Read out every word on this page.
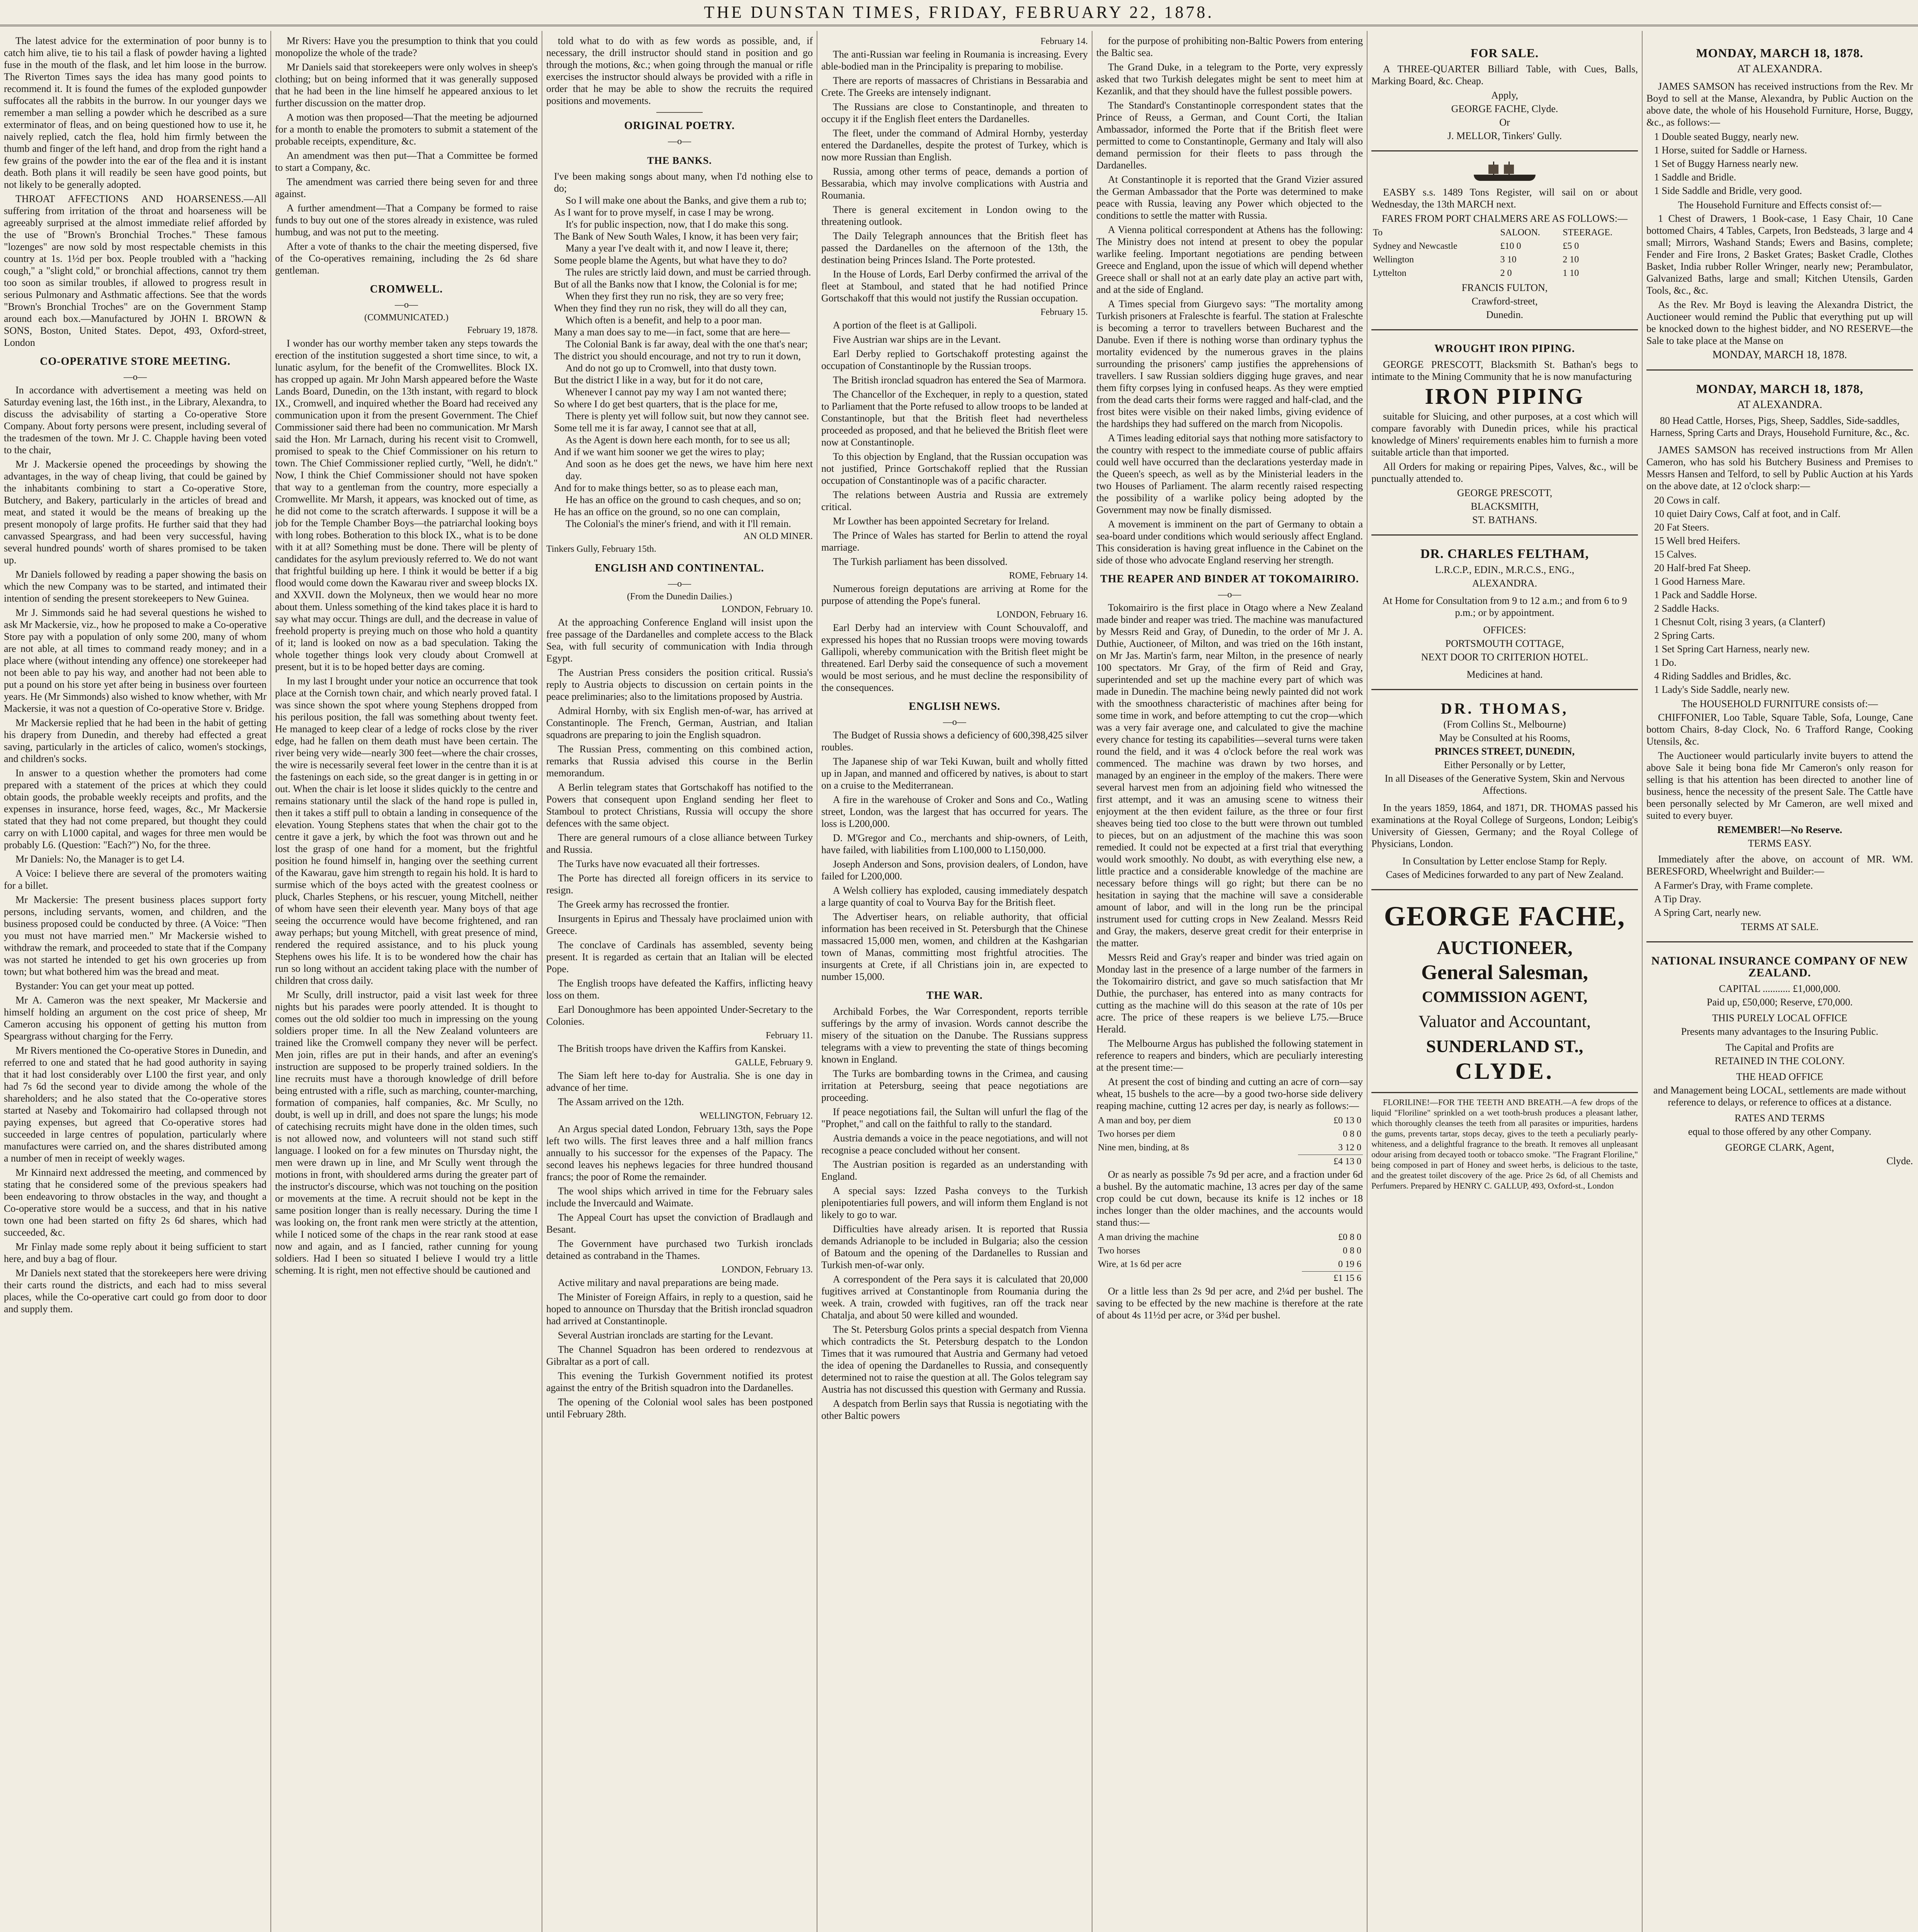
THE DUNSTAN TIMES, FRIDAY, FEBRUARY 22, 1878.

The latest advice for the extermination of poor bunny is to catch him alive, tie to his tail a flask of powder having a lighted fuse in the mouth of the flask, and let him loose in the burrow. The Riverton Times says the idea has many good points to recommend it. It is found the fumes of the exploded gunpowder suffocates all the rabbits in the burrow. In our younger days we remember a man selling a powder which he described as a sure exterminator of fleas, and on being questioned how to use it, he naively replied, catch the flea, hold him firmly between the thumb and finger of the left hand, and drop from the right hand a few grains of the powder into the ear of the flea and it is instant death. Both plans it will readily be seen have good points, but not likely to be generally adopted.

THROAT AFFECTIONS AND HOARSENESS.—All suffering from irritation of the throat and hoarseness will be agreeably surprised at the almost immediate relief afforded by the use of "Brown's Bronchial Troches." These famous "lozenges" are now sold by most respectable chemists in this country at 1s. 1½d per box. People troubled with a "hacking cough," a "slight cold," or bronchial affections, cannot try them too soon as similar troubles, if allowed to progress result in serious Pulmonary and Asthmatic affections. See that the words "Brown's Bronchial Troches" are on the Government Stamp around each box.—Manufactured by JOHN I. BROWN & SONS, Boston, United States. Depot, 493, Oxford-street, London

CO-OPERATIVE STORE MEETING.
—o—

In accordance with advertisement a meeting was held on Saturday evening last, the 16th inst., in the Library, Alexandra, to discuss the advisability of starting a Co-operative Store Company. About forty persons were present, including several of the tradesmen of the town. Mr J. C. Chapple having been voted to the chair,

Mr J. Mackersie opened the proceedings by showing the advantages, in the way of cheap living, that could be gained by the inhabitants combining to start a Co-operative Store, Butchery, and Bakery, particularly in the articles of bread and meat, and stated it would be the means of breaking up the present monopoly of large profits. He further said that they had canvassed Speargrass, and had been very successful, having several hundred pounds' worth of shares promised to be taken up.

Mr Daniels followed by reading a paper showing the basis on which the new Company was to be started, and intimated their intention of sending the present storekeepers to New Guinea.

Mr J. Simmonds said he had several questions he wished to ask Mr Mackersie, viz., how he proposed to make a Co-operative Store pay with a population of only some 200, many of whom are not able, at all times to command ready money; and in a place where (without intending any offence) one storekeeper had not been able to pay his way, and another had not been able to put a pound on his store yet after being in business over fourteen years. He (Mr Simmonds) also wished to know whether, with Mr Mackersie, it was not a question of Co-operative Store v. Bridge.

Mr Mackersie replied that he had been in the habit of getting his drapery from Dunedin, and thereby had effected a great saving, particularly in the articles of calico, women's stockings, and children's socks.

In answer to a question whether the promoters had come prepared with a statement of the prices at which they could obtain goods, the probable weekly receipts and profits, and the expenses in insurance, horse feed, wages, &c., Mr Mackersie stated that they had not come prepared, but thought they could carry on with L1000 capital, and wages for three men would be probably L6. (Question: "Each?") No, for the three.

Mr Daniels: No, the Manager is to get L4.

A Voice: I believe there are several of the promoters waiting for a billet.

Mr Mackersie: The present business places support forty persons, including servants, women, and children, and the business proposed could be conducted by three. (A Voice: "Then you must not have married men." Mr Mackersie wished to withdraw the remark, and proceeded to state that if the Company was not started he intended to get his own groceries up from town; but what bothered him was the bread and meat.

Bystander: You can get your meat up potted.

Mr A. Cameron was the next speaker, Mr Mackersie and himself holding an argument on the cost price of sheep, Mr Cameron accusing his opponent of getting his mutton from Speargrass without charging for the Ferry.

Mr Rivers mentioned the Co-operative Stores in Dunedin, and referred to one and stated that he had good authority in saying that it had lost considerably over L100 the first year, and only had 7s 6d the second year to divide among the whole of the shareholders; and he also stated that the Co-operative stores started at Naseby and Tokomairiro had collapsed through not paying expenses, but agreed that Co-operative stores had succeeded in large centres of population, particularly where manufactures were carried on, and the shares distributed among a number of men in receipt of weekly wages.

Mr Kinnaird next addressed the meeting, and commenced by stating that he considered some of the previous speakers had been endeavoring to throw obstacles in the way, and thought a Co-operative store would be a success, and that in his native town one had been started on fifty 2s 6d shares, which had succeeded, &c.

Mr Finlay made some reply about it being sufficient to start here, and buy a bag of flour.

Mr Daniels next stated that the storekeepers here were driving their carts round the districts, and each had to miss several places, while the Co-operative cart could go from door to door and supply them.

Mr Rivers: Have you the presumption to think that you could monopolize the whole of the trade?

Mr Daniels said that storekeepers were only wolves in sheep's clothing; but on being informed that it was generally supposed that he had been in the line himself he appeared anxious to let further discussion on the matter drop.

A motion was then proposed—That the meeting be adjourned for a month to enable the promoters to submit a statement of the probable receipts, expenditure, &c.

An amendment was then put—That a Committee be formed to start a Company, &c.

The amendment was carried there being seven for and three against.

A further amendment—That a Company be formed to raise funds to buy out one of the stores already in existence, was ruled humbug, and was not put to the meeting.

After a vote of thanks to the chair the meeting dispersed, five of the Co-operatives remaining, including the 2s 6d share gentleman.

CROMWELL.
—o—
(COMMUNICATED.)
February 19, 1878.

I wonder has our worthy member taken any steps towards the erection of the institution suggested a short time since, to wit, a lunatic asylum, for the benefit of the Cromwellites. Block IX. has cropped up again. Mr John Marsh appeared before the Waste Lands Board, Dunedin, on the 13th instant, with regard to block IX., Cromwell, and inquired whether the Board had received any communication upon it from the present Government. The Chief Commissioner said there had been no communication. Mr Marsh said the Hon. Mr Larnach, during his recent visit to Cromwell, promised to speak to the Chief Commissioner on his return to town. The Chief Commissioner replied curtly, "Well, he didn't." Now, I think the Chief Commissioner should not have spoken that way to a gentleman from the country, more especially a Cromwellite. Mr Marsh, it appears, was knocked out of time, as he did not come to the scratch afterwards. I suppose it will be a job for the Temple Chamber Boys—the patriarchal looking boys with long robes. Botheration to this block IX., what is to be done with it at all? Something must be done. There will be plenty of candidates for the asylum previously referred to. We do not want that frightful building up here. I think it would be better if a big flood would come down the Kawarau river and sweep blocks IX. and XXVII. down the Molyneux, then we would hear no more about them. Unless something of the kind takes place it is hard to say what may occur. Things are dull, and the decrease in value of freehold property is preying much on those who hold a quantity of it; land is looked on now as a bad speculation. Taking the whole together things look very cloudy about Cromwell at present, but it is to be hoped better days are coming.

In my last I brought under your notice an occurrence that took place at the Cornish town chair, and which nearly proved fatal. I was since shown the spot where young Stephens dropped from his perilous position, the fall was something about twenty feet. He managed to keep clear of a ledge of rocks close by the river edge, had he fallen on them death must have been certain. The river being very wide—nearly 300 feet—where the chair crosses, the wire is necessarily several feet lower in the centre than it is at the fastenings on each side, so the great danger is in getting in or out. When the chair is let loose it slides quickly to the centre and remains stationary until the slack of the hand rope is pulled in, then it takes a stiff pull to obtain a landing in consequence of the elevation. Young Stephens states that when the chair got to the centre it gave a jerk, by which the foot was thrown out and he lost the grasp of one hand for a moment, but the frightful position he found himself in, hanging over the seething current of the Kawarau, gave him strength to regain his hold. It is hard to surmise which of the boys acted with the greatest coolness or pluck, Charles Stephens, or his rescuer, young Mitchell, neither of whom have seen their eleventh year. Many boys of that age seeing the occurrence would have become frightened, and ran away perhaps; but young Mitchell, with great presence of mind, rendered the required assistance, and to his pluck young Stephens owes his life. It is to be wondered how the chair has run so long without an accident taking place with the number of children that cross daily.

Mr Scully, drill instructor, paid a visit last week for three nights but his parades were poorly attended. It is thought to comes out the old soldier too much in impressing on the young soldiers proper time. In all the New Zealand volunteers are trained like the Cromwell company they never will be perfect. Men join, rifles are put in their hands, and after an evening's instruction are supposed to be properly trained soldiers. In the line recruits must have a thorough knowledge of drill before being entrusted with a rifle, such as marching, counter-marching, formation of companies, half companies, &c. Mr Scully, no doubt, is well up in drill, and does not spare the lungs; his mode of catechising recruits might have done in the olden times, such is not allowed now, and volunteers will not stand such stiff language. I looked on for a few minutes on Thursday night, the men were drawn up in line, and Mr Scully went through the motions in front, with shouldered arms during the greater part of the instructor's discourse, which was not touching on the position or movements at the time. A recruit should not be kept in the same position longer than is really necessary. During the time I was looking on, the front rank men were strictly at the attention, while I noticed some of the chaps in the rear rank stood at ease now and again, and as I fancied, rather cunning for young soldiers. Had I been so situated I believe I would try a little scheming. It is right, men not effective should be cautioned and

told what to do with as few words as possible, and, if necessary, the drill instructor should stand in position and go through the motions, &c.; when going through the manual or rifle exercises the instructor should always be provided with a rifle in order that he may be able to show the recruits the required positions and movements.

ORIGINAL POETRY.
—o—
THE BANKS.
I've been making songs about many, when I'd nothing else to do;
So I will make one about the Banks, and give them a rub to;
As I want for to prove myself, in case I may be wrong.
It's for public inspection, now, that I do make this song.
The Bank of New South Wales, I know, it has been very fair;
Many a year I've dealt with it, and now I leave it, there;
Some people blame the Agents, but what have they to do?
The rules are strictly laid down, and must be carried through.
But of all the Banks now that I know, the Colonial is for me;
When they first they run no risk, they are so very free;
When they find they run no risk, they will do all they can,
Which often is a benefit, and help to a poor man.
Many a man does say to me—in fact, some that are here—
The Colonial Bank is far away, deal with the one that's near;
The district you should encourage, and not try to run it down,
And do not go up to Cromwell, into that dusty town.
But the district I like in a way, but for it do not care,
Whenever I cannot pay my way I am not wanted there;
So where I do get best quarters, that is the place for me,
There is plenty yet will follow suit, but now they cannot see.
Some tell me it is far away, I cannot see that at all,
As the Agent is down here each month, for to see us all;
And if we want him sooner we get the wires to play;
And soon as he does get the news, we have him here next day.
And for to make things better, so as to please each man,
He has an office on the ground to cash cheques, and so on;
He has an office on the ground, so no one can complain,
The Colonial's the miner's friend, and with it I'll remain.
AN OLD MINER.
Tinkers Gully, February 15th.
ENGLISH AND CONTINENTAL.
—o—
(From the Dunedin Dailies.)
LONDON, February 10.

At the approaching Conference England will insist upon the free passage of the Dardanelles and complete access to the Black Sea, with full security of communication with India through Egypt.

The Austrian Press considers the position critical. Russia's reply to Austria objects to discussion on certain points in the peace preliminaries; also to the limitations proposed by Austria.

Admiral Hornby, with six English men-of-war, has arrived at Constantinople. The French, German, Austrian, and Italian squadrons are preparing to join the English squadron.

The Russian Press, commenting on this combined action, remarks that Russia advised this course in the Berlin memorandum.

A Berlin telegram states that Gortschakoff has notified to the Powers that consequent upon England sending her fleet to Stamboul to protect Christians, Russia will occupy the shore defences with the same object.

There are general rumours of a close alliance between Turkey and Russia.

The Turks have now evacuated all their fortresses.

The Porte has directed all foreign officers in its service to resign.

The Greek army has recrossed the frontier.

Insurgents in Epirus and Thessaly have proclaimed union with Greece.

The conclave of Cardinals has assembled, seventy being present. It is regarded as certain that an Italian will be elected Pope.

The English troops have defeated the Kaffirs, inflicting heavy loss on them.

Earl Donoughmore has been appointed Under-Secretary to the Colonies.

February 11.

The British troops have driven the Kaffirs from Kanskei.

GALLE, February 9.

The Siam left here to-day for Australia. She is one day in advance of her time.

The Assam arrived on the 12th.

WELLINGTON, February 12.

An Argus special dated London, February 13th, says the Pope left two wills. The first leaves three and a half million francs annually to his successor for the expenses of the Papacy. The second leaves his nephews legacies for three hundred thousand francs; the poor of Rome the remainder.

The wool ships which arrived in time for the February sales include the Invercauld and Waimate.

The Appeal Court has upset the conviction of Bradlaugh and Besant.

The Government have purchased two Turkish ironclads detained as contraband in the Thames.

LONDON, February 13.

Active military and naval preparations are being made.

The Minister of Foreign Affairs, in reply to a question, said he hoped to announce on Thursday that the British ironclad squadron had arrived at Constantinople.

Several Austrian ironclads are starting for the Levant.

The Channel Squadron has been ordered to rendezvous at Gibraltar as a port of call.

This evening the Turkish Government notified its protest against the entry of the British squadron into the Dardanelles.

The opening of the Colonial wool sales has been postponed until February 28th.

February 14.

The anti-Russian war feeling in Roumania is increasing. Every able-bodied man in the Principality is preparing to mobilise.

There are reports of massacres of Christians in Bessarabia and Crete. The Greeks are intensely indignant.

The Russians are close to Constantinople, and threaten to occupy it if the English fleet enters the Dardanelles.

The fleet, under the command of Admiral Hornby, yesterday entered the Dardanelles, despite the protest of Turkey, which is now more Russian than English.

Russia, among other terms of peace, demands a portion of Bessarabia, which may involve complications with Austria and Roumania.

There is general excitement in London owing to the threatening outlook.

The Daily Telegraph announces that the British fleet has passed the Dardanelles on the afternoon of the 13th, the destination being Princes Island. The Porte protested.

In the House of Lords, Earl Derby confirmed the arrival of the fleet at Stamboul, and stated that he had notified Prince Gortschakoff that this would not justify the Russian occupation.

February 15.

A portion of the fleet is at Gallipoli.

Five Austrian war ships are in the Levant.

Earl Derby replied to Gortschakoff protesting against the occupation of Constantinople by the Russian troops.

The British ironclad squadron has entered the Sea of Marmora.

The Chancellor of the Exchequer, in reply to a question, stated to Parliament that the Porte refused to allow troops to be landed at Constantinople, but that the British fleet had nevertheless proceeded as proposed, and that he believed the British fleet were now at Constantinople.

To this objection by England, that the Russian occupation was not justified, Prince Gortschakoff replied that the Russian occupation of Constantinople was of a pacific character.

The relations between Austria and Russia are extremely critical.

Mr Lowther has been appointed Secretary for Ireland.

The Prince of Wales has started for Berlin to attend the royal marriage.

The Turkish parliament has been dissolved.

ROME, February 14.

Numerous foreign deputations are arriving at Rome for the purpose of attending the Pope's funeral.

LONDON, February 16.

Earl Derby had an interview with Count Schouvaloff, and expressed his hopes that no Russian troops were moving towards Gallipoli, whereby communication with the British fleet might be threatened. Earl Derby said the consequence of such a movement would be most serious, and he must decline the responsibility of the consequences.

ENGLISH NEWS.
—o—

The Budget of Russia shows a deficiency of 600,398,425 silver roubles.

The Japanese ship of war Teki Kuwan, built and wholly fitted up in Japan, and manned and officered by natives, is about to start on a cruise to the Mediterranean.

A fire in the warehouse of Croker and Sons and Co., Watling street, London, was the largest that has occurred for years. The loss is L200,000.

D. M'Gregor and Co., merchants and ship-owners, of Leith, have failed, with liabilities from L100,000 to L150,000.

Joseph Anderson and Sons, provision dealers, of London, have failed for L200,000.

A Welsh colliery has exploded, causing immediately despatch a large quantity of coal to Vourva Bay for the British fleet.

The Advertiser hears, on reliable authority, that official information has been received in St. Petersburgh that the Chinese massacred 15,000 men, women, and children at the Kashgarian town of Manas, committing most frightful atrocities. The insurgents at Crete, if all Christians join in, are expected to number 15,000.

THE WAR.

Archibald Forbes, the War Correspondent, reports terrible sufferings by the army of invasion. Words cannot describe the misery of the situation on the Danube. The Russians suppress telegrams with a view to preventing the state of things becoming known in England.

The Turks are bombarding towns in the Crimea, and causing irritation at Petersburg, seeing that peace negotiations are proceeding.

If peace negotiations fail, the Sultan will unfurl the flag of the "Prophet," and call on the faithful to rally to the standard.

Austria demands a voice in the peace negotiations, and will not recognise a peace concluded without her consent.

The Austrian position is regarded as an understanding with England.

A special says: Izzed Pasha conveys to the Turkish plenipotentiaries full powers, and will inform them England is not likely to go to war.

Difficulties have already arisen. It is reported that Russia demands Adrianople to be included in Bulgaria; also the cession of Batoum and the opening of the Dardanelles to Russian and Turkish men-of-war only.

A correspondent of the Pera says it is calculated that 20,000 fugitives arrived at Constantinople from Roumania during the week. A train, crowded with fugitives, ran off the track near Chatalja, and about 50 were killed and wounded.

The St. Petersburg Golos prints a special despatch from Vienna which contradicts the St. Petersburg despatch to the London Times that it was rumoured that Austria and Germany had vetoed the idea of opening the Dardanelles to Russia, and consequently determined not to raise the question at all. The Golos telegram say Austria has not discussed this question with Germany and Russia.

A despatch from Berlin says that Russia is negotiating with the other Baltic powers

for the purpose of prohibiting non-Baltic Powers from entering the Baltic sea.

The Grand Duke, in a telegram to the Porte, very expressly asked that two Turkish delegates might be sent to meet him at Kezanlik, and that they should have the fullest possible powers.

The Standard's Constantinople correspondent states that the Prince of Reuss, a German, and Count Corti, the Italian Ambassador, informed the Porte that if the British fleet were permitted to come to Constantinople, Germany and Italy will also demand permission for their fleets to pass through the Dardanelles.

At Constantinople it is reported that the Grand Vizier assured the German Ambassador that the Porte was determined to make peace with Russia, leaving any Power which objected to the conditions to settle the matter with Russia.

A Vienna political correspondent at Athens has the following: The Ministry does not intend at present to obey the popular warlike feeling. Important negotiations are pending between Greece and England, upon the issue of which will depend whether Greece shall or shall not at an early date play an active part with, and at the side of England.

A Times special from Giurgevo says: "The mortality among Turkish prisoners at Fraleschte is fearful. The station at Fraleschte is becoming a terror to travellers between Bucharest and the Danube. Even if there is nothing worse than ordinary typhus the mortality evidenced by the numerous graves in the plains surrounding the prisoners' camp justifies the apprehensions of travellers. I saw Russian soldiers digging huge graves, and near them fifty corpses lying in confused heaps. As they were emptied from the dead carts their forms were ragged and half-clad, and the frost bites were visible on their naked limbs, giving evidence of the hardships they had suffered on the march from Nicopolis.

A Times leading editorial says that nothing more satisfactory to the country with respect to the immediate course of public affairs could well have occurred than the declarations yesterday made in the Queen's speech, as well as by the Ministerial leaders in the two Houses of Parliament. The alarm recently raised respecting the possibility of a warlike policy being adopted by the Government may now be finally dismissed.

A movement is imminent on the part of Germany to obtain a sea-board under conditions which would seriously affect England. This consideration is having great influence in the Cabinet on the side of those who advocate England reserving her strength.

THE REAPER AND BINDER AT TOKOMAIRIRO.
—o—

Tokomairiro is the first place in Otago where a New Zealand made binder and reaper was tried. The machine was manufactured by Messrs Reid and Gray, of Dunedin, to the order of Mr J. A. Duthie, Auctioneer, of Milton, and was tried on the 16th instant, on Mr Jas. Martin's farm, near Milton, in the presence of nearly 100 spectators. Mr Gray, of the firm of Reid and Gray, superintended and set up the machine every part of which was made in Dunedin. The machine being newly painted did not work with the smoothness characteristic of machines after being for some time in work, and before attempting to cut the crop—which was a very fair average one, and calculated to give the machine every chance for testing its capabilities—several turns were taken round the field, and it was 4 o'clock before the real work was commenced. The machine was drawn by two horses, and managed by an engineer in the employ of the makers. There were several harvest men from an adjoining field who witnessed the first attempt, and it was an amusing scene to witness their enjoyment at the then evident failure, as the three or four first sheaves being tied too close to the butt were thrown out tumbled to pieces, but on an adjustment of the machine this was soon remedied. It could not be expected at a first trial that everything would work smoothly. No doubt, as with everything else new, a little practice and a considerable knowledge of the machine are necessary before things will go right; but there can be no hesitation in saying that the machine will save a considerable amount of labor, and will in the long run be the principal instrument used for cutting crops in New Zealand. Messrs Reid and Gray, the makers, deserve great credit for their enterprise in the matter.

Messrs Reid and Gray's reaper and binder was tried again on Monday last in the presence of a large number of the farmers in the Tokomairiro district, and gave so much satisfaction that Mr Duthie, the purchaser, has entered into as many contracts for cutting as the machine will do this season at the rate of 10s per acre. The price of these reapers is we believe L75.—Bruce Herald.

The Melbourne Argus has published the following statement in reference to reapers and binders, which are peculiarly interesting at the present time:—

At present the cost of binding and cutting an acre of corn—say wheat, 15 bushels to the acre—by a good two-horse side delivery reaping machine, cutting 12 acres per day, is nearly as follows:—

A man and boy, per diem	£0 13 0
Two horses per diem	0 8 0
Nine men, binding, at 8s	3 12 0
	£4 13 0

Or as nearly as possible 7s 9d per acre, and a fraction under 6d a bushel. By the automatic machine, 13 acres per day of the same crop could be cut down, because its knife is 12 inches or 18 inches longer than the older machines, and the accounts would stand thus:—

A man driving the machine	£0 8 0
Two horses	0 8 0
Wire, at 1s 6d per acre	0 19 6
	£1 15 6

Or a little less than 2s 9d per acre, and 2¼d per bushel. The saving to be effected by the new machine is therefore at the rate of about 4s 11½d per acre, or 3¾d per bushel.

FOR SALE.

A THREE-QUARTER Billiard Table, with Cues, Balls, Marking Board, &c. Cheap.

Apply,
GEORGE FACHE, Clyde.
Or
J. MELLOR, Tinkers' Gully.

EASBY s.s. 1489 Tons Register, will sail on or about Wednesday, the 13th MARCH next.

FARES FROM PORT CHALMERS ARE AS FOLLOWS:—
To	SALOON.	STEERAGE.
Sydney and Newcastle	£10 0	£5 0
Wellington	3 10	2 10
Lyttelton	2 0	1 10
FRANCIS FULTON,
Crawford-street,
Dunedin.
WROUGHT IRON PIPING.

GEORGE PRESCOTT, Blacksmith St. Bathan's begs to intimate to the Mining Community that he is now manufacturing

IRON PIPING

suitable for Sluicing, and other purposes, at a cost which will compare favorably with Dunedin prices, while his practical knowledge of Miners' requirements enables him to furnish a more suitable article than that imported.

All Orders for making or repairing Pipes, Valves, &c., will be punctually attended to.

GEORGE PRESCOTT,
BLACKSMITH,
ST. BATHANS.
DR. CHARLES FELTHAM,
L.R.C.P., EDIN., M.R.C.S., ENG.,
ALEXANDRA.
At Home for Consultation from 9 to 12 a.m.; and from 6 to 9 p.m.; or by appointment.
OFFICES:
PORTSMOUTH COTTAGE,
NEXT DOOR TO CRITERION HOTEL.
Medicines at hand.
DR. THOMAS,
(From Collins St., Melbourne)
May be Consulted at his Rooms,
PRINCES STREET, DUNEDIN,
Either Personally or by Letter,
In all Diseases of the Generative System, Skin and Nervous Affections.

In the years 1859, 1864, and 1871, DR. THOMAS passed his examinations at the Royal College of Surgeons, London; Leibig's University of Giessen, Germany; and the Royal College of Physicians, London.

In Consultation by Letter enclose Stamp for Reply.
Cases of Medicines forwarded to any part of New Zealand.
GEORGE FACHE,
AUCTIONEER,
General Salesman,
COMMISSION AGENT,
Valuator and Accountant,
SUNDERLAND ST.,
CLYDE.

FLORILINE!—FOR THE TEETH AND BREATH.—A few drops of the liquid "Floriline" sprinkled on a wet tooth-brush produces a pleasant lather, which thoroughly cleanses the teeth from all parasites or impurities, hardens the gums, prevents tartar, stops decay, gives to the teeth a peculiarly pearly-whiteness, and a delightful fragrance to the breath. It removes all unpleasant odour arising from decayed tooth or tobacco smoke. "The Fragrant Floriline," being composed in part of Honey and sweet herbs, is delicious to the taste, and the greatest toilet discovery of the age. Price 2s 6d, of all Chemists and Perfumers. Prepared by HENRY C. GALLUP, 493, Oxford-st., London

MONDAY, MARCH 18, 1878.
AT ALEXANDRA.

JAMES SAMSON has received instructions from the Rev. Mr Boyd to sell at the Manse, Alexandra, by Public Auction on the above date, the whole of his Household Furniture, Horse, Buggy, &c., as follows:—

1 Double seated Buggy, nearly new.
1 Horse, suited for Saddle or Harness.
1 Set of Buggy Harness nearly new.
1 Saddle and Bridle.
1 Side Saddle and Bridle, very good.
The Household Furniture and Effects consist of:—

1 Chest of Drawers, 1 Book-case, 1 Easy Chair, 10 Cane bottomed Chairs, 4 Tables, Carpets, Iron Bedsteads, 3 large and 4 small; Mirrors, Washand Stands; Ewers and Basins, complete; Fender and Fire Irons, 2 Basket Grates; Basket Cradle, Clothes Basket, India rubber Roller Wringer, nearly new; Perambulator, Galvanized Baths, large and small; Kitchen Utensils, Garden Tools, &c., &c.

As the Rev. Mr Boyd is leaving the Alexandra District, the Auctioneer would remind the Public that everything put up will be knocked down to the highest bidder, and NO RESERVE—the Sale to take place at the Manse on

MONDAY, MARCH 18, 1878.
MONDAY, MARCH 18, 1878,
AT ALEXANDRA.
80 Head Cattle, Horses, Pigs, Sheep, Saddles, Side-saddles, Harness, Spring Carts and Drays, Household Furniture, &c., &c.

JAMES SAMSON has received instructions from Mr Allen Cameron, who has sold his Butchery Business and Premises to Messrs Hansen and Telford, to sell by Public Auction at his Yards on the above date, at 12 o'clock sharp:—

20 Cows in calf.
10 quiet Dairy Cows, Calf at foot, and in Calf.
20 Fat Steers.
15 Well bred Heifers.
15 Calves.
20 Half-bred Fat Sheep.
1 Good Harness Mare.
1 Pack and Saddle Horse.
2 Saddle Hacks.
1 Chesnut Colt, rising 3 years, (a Clanterf)
2 Spring Carts.
1 Set Spring Cart Harness, nearly new.
1 Do.
4 Riding Saddles and Bridles, &c.
1 Lady's Side Saddle, nearly new.
The HOUSEHOLD FURNITURE consists of:—

CHIFFONIER, Loo Table, Square Table, Sofa, Lounge, Cane bottom Chairs, 8-day Clock, No. 6 Trafford Range, Cooking Utensils, &c.

The Auctioneer would particularly invite buyers to attend the above Sale it being bona fide Mr Cameron's only reason for selling is that his attention has been directed to another line of business, hence the necessity of the present Sale. The Cattle have been personally selected by Mr Cameron, are well mixed and suited to every buyer.

REMEMBER!—No Reserve.
TERMS EASY.

Immediately after the above, on account of MR. WM. BERESFORD, Wheelwright and Builder:—

A Farmer's Dray, with Frame complete.
A Tip Dray.
A Spring Cart, nearly new.
TERMS AT SALE.
NATIONAL INSURANCE COMPANY OF NEW ZEALAND.
CAPITAL ........... £1,000,000.
Paid up, £50,000; Reserve, £70,000.
THIS PURELY LOCAL OFFICE
Presents many advantages to the Insuring Public.
The Capital and Profits are
RETAINED IN THE COLONY.
THE HEAD OFFICE
and Management being LOCAL, settlements are made without reference to delays, or reference to offices at a distance.
RATES AND TERMS
equal to those offered by any other Company.
GEORGE CLARK, Agent,
Clyde.
